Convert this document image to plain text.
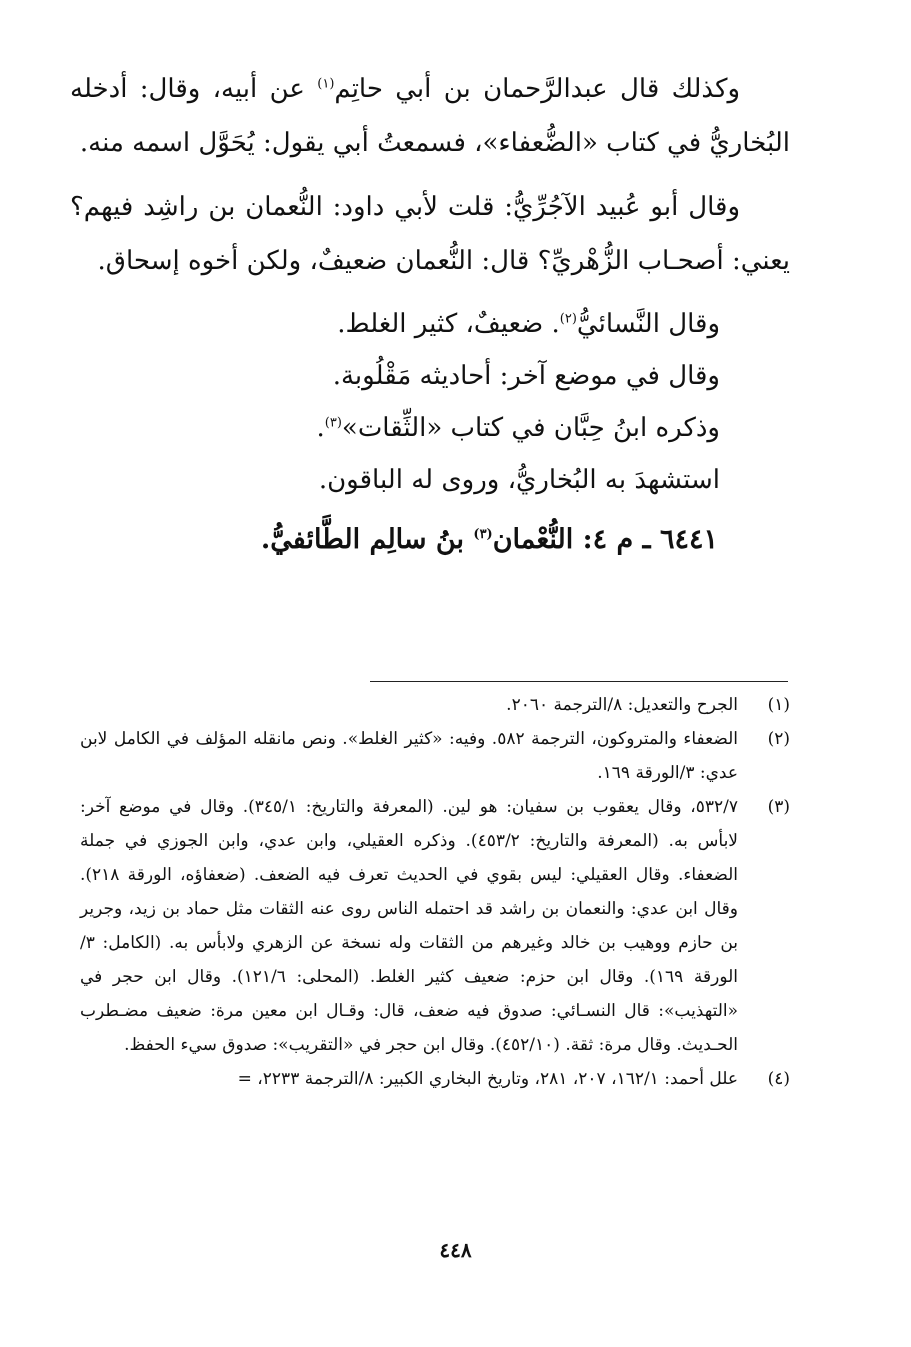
وكذلك قال عبدالرَّحمان بن أبي حاتِم$^{(١)}$ عن أبيه، وقال: أدخله البُخاريُّ في كتاب «الضُّعفاء»، فسمعتُ أبي يقول: يُحَوَّل اسمه منه.

وقال أبو عُبيد الآجُرِّيُّ: قلت لأبي داود: النُّعمان بن راشِد فيهم؟ يعني: أصحـاب الزُّهْريِّ؟ قال: النُّعمان ضعيفٌ، ولكن أخوه إسحاق.

وقال النَّسائيُّ$^{(٢)}$. ضعيفٌ، كثير الغلط.
وقال في موضع آخر: أحاديثه مَقْلُوبة.
وذكره ابنُ حِبَّان في كتاب «الثِّقات»$^{(٣)}$.
استشهدَ به البُخاريُّ، وروى له الباقون.
٦٤٤١ ـ م ٤: النُّعْمان$^{(٣)}$ بنُ سالِم الطَّائفيُّ.
(١)
الجرح والتعديل: ٨/الترجمة ٢٠٦٠.
(٢)
الضعفاء والمتروكون، الترجمة ٥٨٢. وفيه: «كثير الغلط». ونص مانقله المؤلف في الكامل لابن عدي: ٣/الورقة ١٦٩.
(٣)
٥٣٢/٧، وقال يعقوب بن سفيان: هو لين. (المعرفة والتاريخ: ٣٤٥/١). وقال في موضع آخر: لابأس به. (المعرفة والتاريخ: ٤٥٣/٢). وذكره العقيلي، وابن عدي، وابن الجوزي في جملة الضعفاء. وقال العقيلي: ليس بقوي في الحديث تعرف فيه الضعف. (ضعفاؤه، الورقة ٢١٨). وقال ابن عدي: والنعمان بن راشد قد احتمله الناس روى عنه الثقات مثل حماد بن زيد، وجرير بن حازم ووهيب بن خالد وغيرهم من الثقات وله نسخة عن الزهري ولابأس به. (الكامل: ٣/الورقة ١٦٩). وقال ابن حزم: ضعيف كثير الغلط. (المحلى: ١٢١/٦). وقال ابن حجر في «التهذيب»: قال النسـائي: صدوق فيه ضعف، قال: وقـال ابن معين مرة: ضعيف مضـطرب الحـديث. وقال مرة: ثقة. (٤٥٢/١٠). وقال ابن حجر في «التقريب»: صدوق سيء الحفظ.
(٤)
علل أحمد: ١٦٢/١، ٢٠٧، ٢٨١، وتاريخ البخاري الكبير: ٨/الترجمة ٢٢٣٣، =
٤٤٨
